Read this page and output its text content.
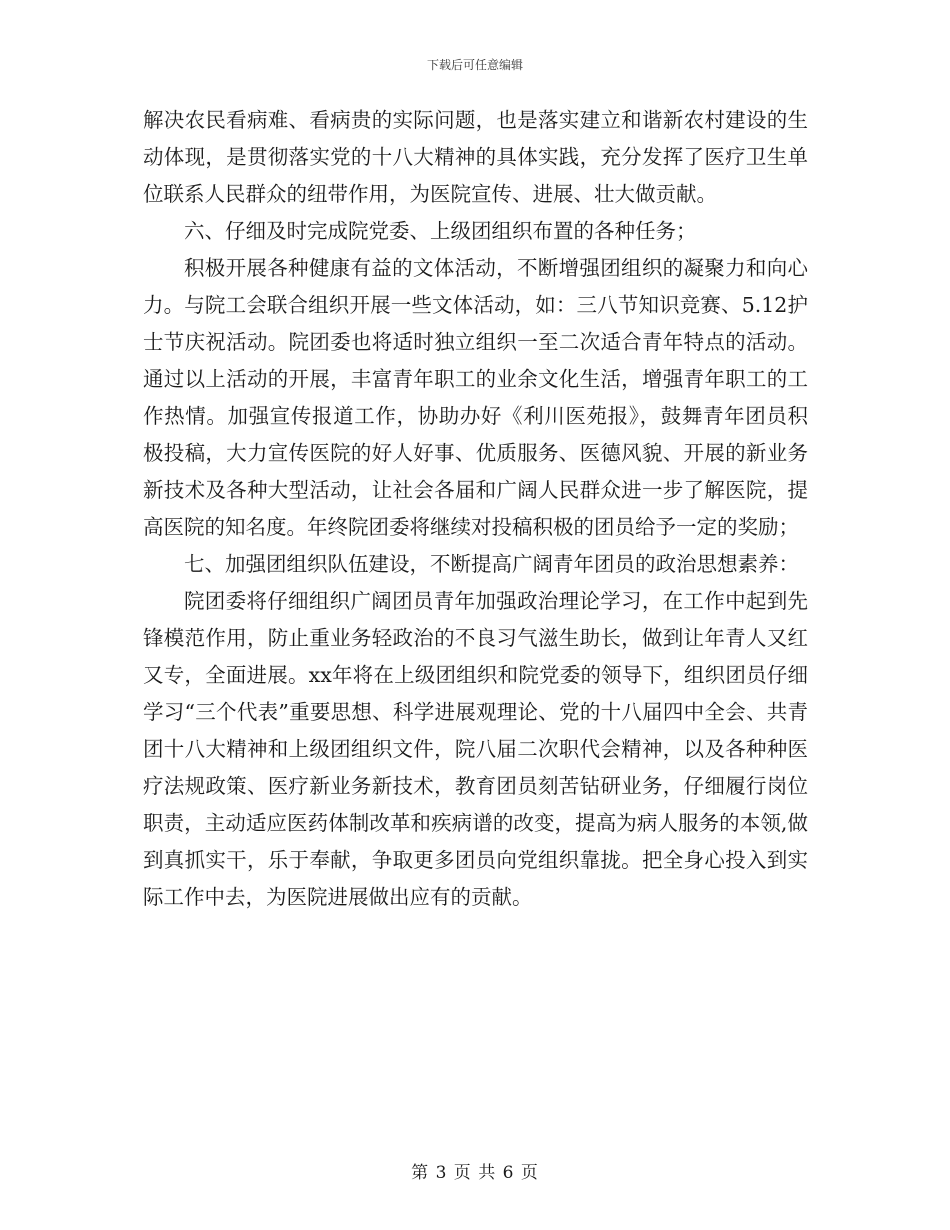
下载后可任意编辑

解决农民看病难、看病贵的实际问题，也是落实建立和谐新农村建设的生动体现，是贯彻落实党的十八大精神的具体实践，充分发挥了医疗卫生单位联系人民群众的纽带作用，为医院宣传、进展、壮大做贡献。

六、仔细及时完成院党委、上级团组织布置的各种任务；

积极开展各种健康有益的文体活动，不断增强团组织的凝聚力和向心力。与院工会联合组织开展一些文体活动，如：三八节知识竞赛、5.12护士节庆祝活动。院团委也将适时独立组织一至二次适合青年特点的活动。通过以上活动的开展，丰富青年职工的业余文化生活，增强青年职工的工作热情。加强宣传报道工作，协助办好《利川医苑报》，鼓舞青年团员积极投稿，大力宣传医院的好人好事、优质服务、医德风貌、开展的新业务新技术及各种大型活动，让社会各届和广阔人民群众进一步了解医院，提高医院的知名度。年终院团委将继续对投稿积极的团员给予一定的奖励；

七、加强团组织队伍建设，不断提高广阔青年团员的政治思想素养：

院团委将仔细组织广阔团员青年加强政治理论学习，在工作中起到先锋模范作用，防止重业务轻政治的不良习气滋生助长，做到让年青人又红又专，全面进展。xx年将在上级团组织和院党委的领导下，组织团员仔细学习“三个代表”重要思想、科学进展观理论、党的十八届四中全会、共青团十八大精神和上级团组织文件，院八届二次职代会精神，以及各种种医疗法规政策、医疗新业务新技术，教育团员刻苦钻研业务，仔细履行岗位职责，主动适应医药体制改革和疾病谱的改变，提高为病人服务的本领,做到真抓实干，乐于奉献，争取更多团员向党组织靠拢。把全身心投入到实际工作中去，为医院进展做出应有的贡献。

第 3 页 共 6 页
